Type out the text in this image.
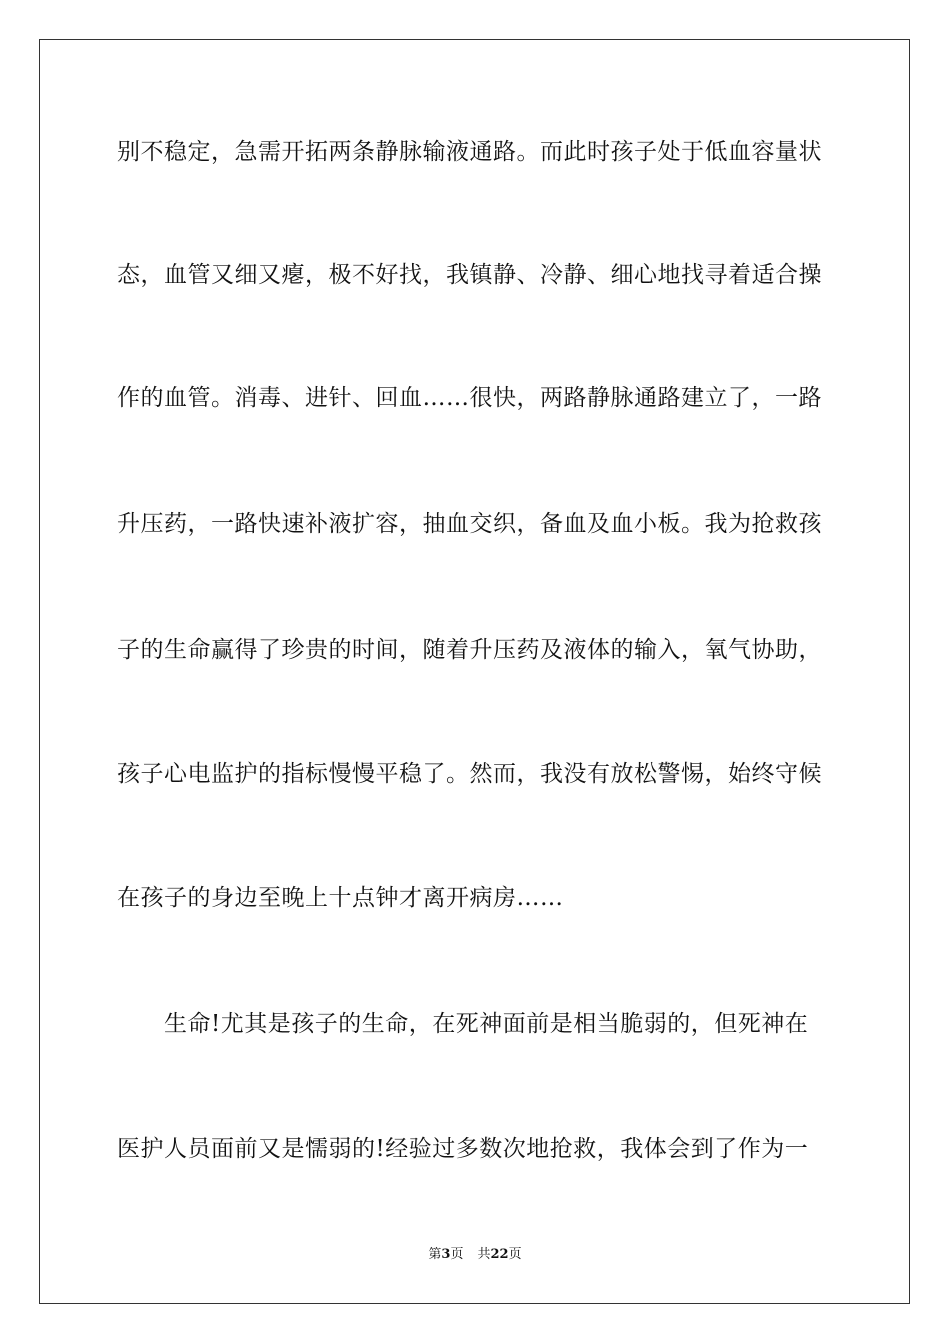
别不稳定，急需开拓两条静脉输液通路。而此时孩子处于低血容量状
态，血管又细又瘪，极不好找，我镇静、冷静、细心地找寻着适合操
作的血管。消毒、进针、回血……很快，两路静脉通路建立了，一路
升压药，一路快速补液扩容，抽血交织，备血及血小板。我为抢救孩
子的生命赢得了珍贵的时间，随着升压药及液体的输入，氧气协助，
孩子心电监护的指标慢慢平稳了。然而，我没有放松警惕，始终守候
在孩子的身边至晚上十点钟才离开病房……
　　生命!尤其是孩子的生命，在死神面前是相当脆弱的，但死神在
医护人员面前又是懦弱的!经验过多数次地抢救，我体会到了作为一
第3页 共22页
